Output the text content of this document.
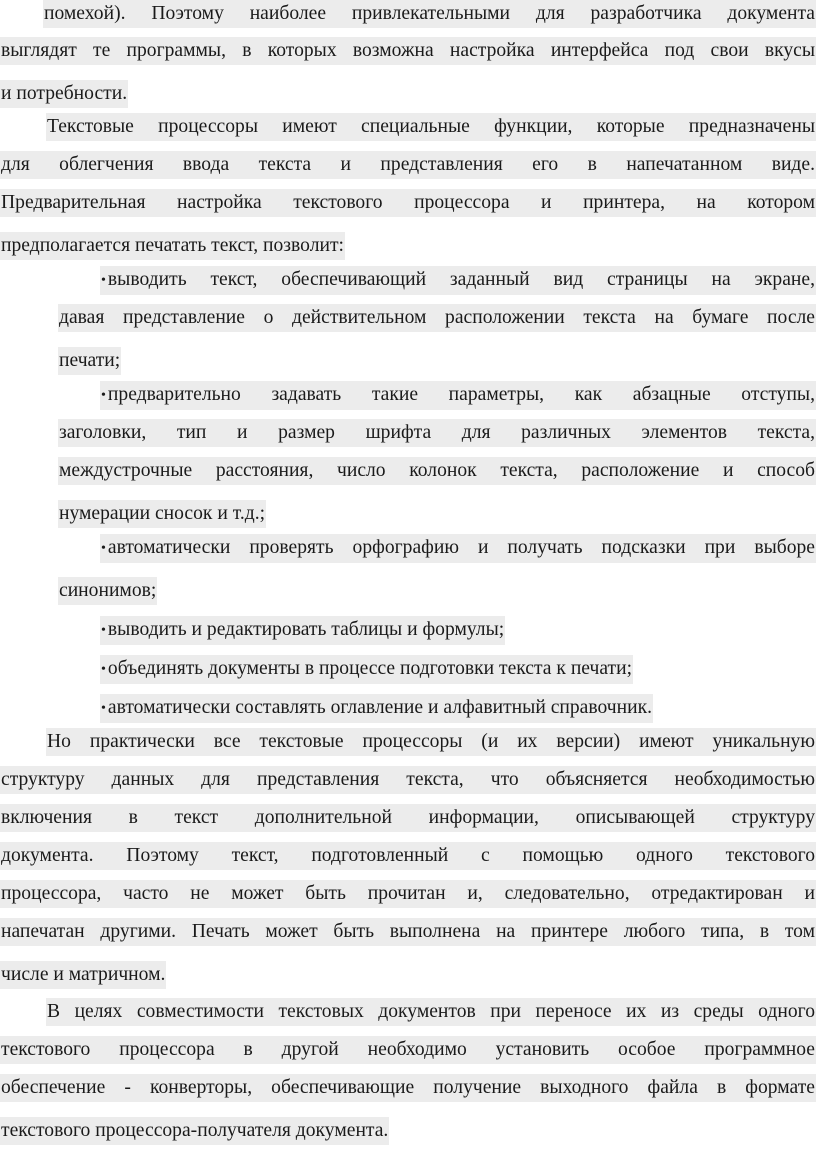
помехой). Поэтому наиболее привлекательными для разработчика документа
выглядят те программы, в которых возможна настройка интерфейса под свои вкусы
и потребности.
Текстовые процессоры имеют специальные функции, которые предназначены
для облегчения ввода текста и представления его в напечатанном виде.
Предварительная настройка текстового процессора и принтера, на котором
предполагается печатать текст, позволит:
• выводить текст, обеспечивающий заданный вид страницы на экране,
давая представление о действительном расположении текста на бумаге после
печати;
• предварительно задавать такие параметры, как абзацные отступы,
заголовки, тип и размер шрифта для различных элементов текста,
междустрочные расстояния, число колонок текста, расположение и способ
нумерации сносок и т.д.;
• автоматически проверять орфографию и получать подсказки при выборе
синонимов;
• выводить и редактировать таблицы и формулы;
• объединять документы в процессе подготовки текста к печати;
• автоматически составлять оглавление и алфавитный справочник.
Но практически все текстовые процессоры (и их версии) имеют уникальную
структуру данных для представления текста, что объясняется необходимостью
включения в текст дополнительной информации, описывающей структуру
документа. Поэтому текст, подготовленный с помощью одного текстового
процессора, часто не может быть прочитан и, следовательно, отредактирован и
напечатан другими. Печать может быть выполнена на принтере любого типа, в том
числе и матричном.
В целях совместимости текстовых документов при переносе их из среды одного
текстового процессора в другой необходимо установить особое программное
обеспечение - конверторы, обеспечивающие получение выходного файла в формате
текстового процессора-получателя документа.
